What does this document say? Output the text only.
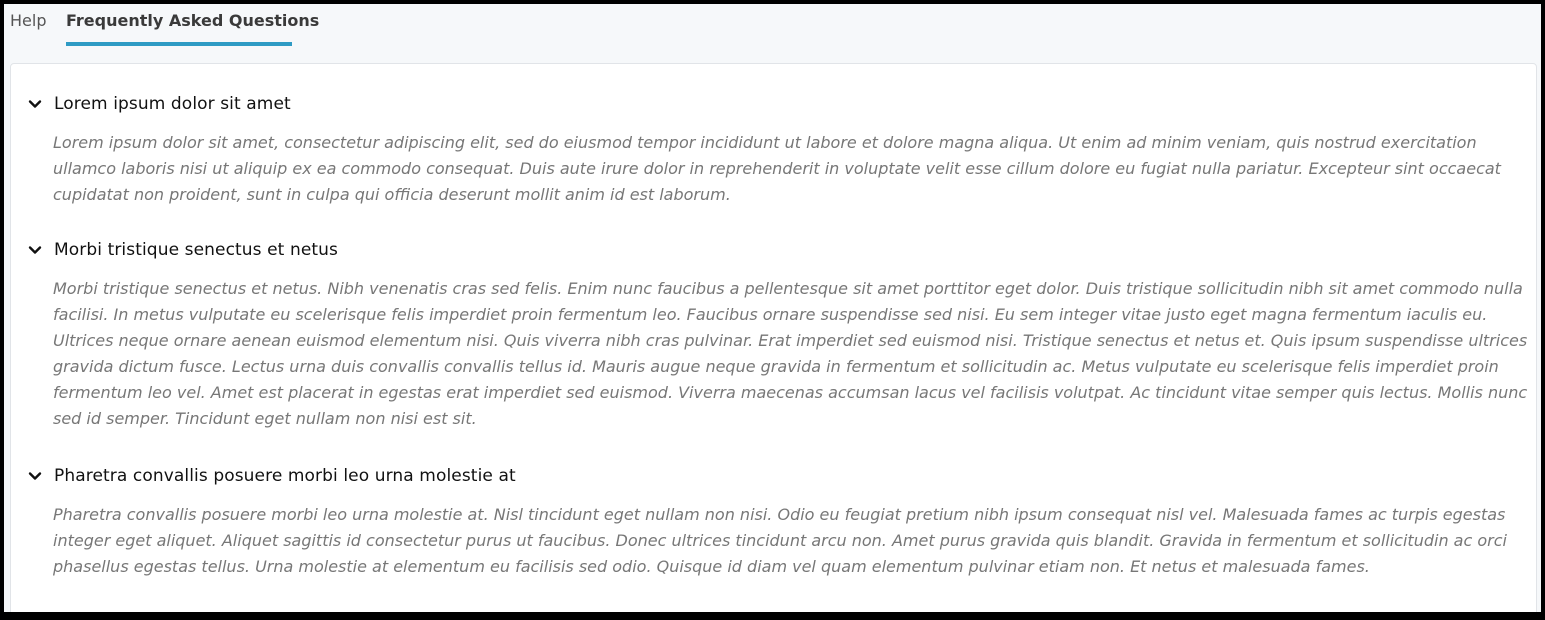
Help Frequently Asked Questions
Lorem ipsum dolor sit amet

Lorem ipsum dolor sit amet, consectetur adipiscing elit, sed do eiusmod tempor incididunt ut labore et dolore magna aliqua. Ut enim ad minim veniam, quis nostrud exercitation ullamco laboris nisi ut aliquip ex ea commodo consequat. Duis aute irure dolor in reprehenderit in voluptate velit esse cillum dolore eu fugiat nulla pariatur. Excepteur sint occaecat cupidatat non proident, sunt in culpa qui officia deserunt mollit anim id est laborum.

Morbi tristique senectus et netus

Morbi tristique senectus et netus. Nibh venenatis cras sed felis. Enim nunc faucibus a pellentesque sit amet porttitor eget dolor. Duis tristique sollicitudin nibh sit amet commodo nulla facilisi. In metus vulputate eu scelerisque felis imperdiet proin fermentum leo. Faucibus ornare suspendisse sed nisi. Eu sem integer vitae justo eget magna fermentum iaculis eu. Ultrices neque ornare aenean euismod elementum nisi. Quis viverra nibh cras pulvinar. Erat imperdiet sed euismod nisi. Tristique senectus et netus et. Quis ipsum suspendisse ultrices gravida dictum fusce. Lectus urna duis convallis convallis tellus id. Mauris augue neque gravida in fermentum et sollicitudin ac. Metus vulputate eu scelerisque felis imperdiet proin fermentum leo vel. Amet est placerat in egestas erat imperdiet sed euismod. Viverra maecenas accumsan lacus vel facilisis volutpat. Ac tincidunt vitae semper quis lectus. Mollis nunc sed id semper. Tincidunt eget nullam non nisi est sit.

Pharetra convallis posuere morbi leo urna molestie at

Pharetra convallis posuere morbi leo urna molestie at. Nisl tincidunt eget nullam non nisi. Odio eu feugiat pretium nibh ipsum consequat nisl vel. Malesuada fames ac turpis egestas integer eget aliquet. Aliquet sagittis id consectetur purus ut faucibus. Donec ultrices tincidunt arcu non. Amet purus gravida quis blandit. Gravida in fermentum et sollicitudin ac orci phasellus egestas tellus. Urna molestie at elementum eu facilisis sed odio. Quisque id diam vel quam elementum pulvinar etiam non. Et netus et malesuada fames.
